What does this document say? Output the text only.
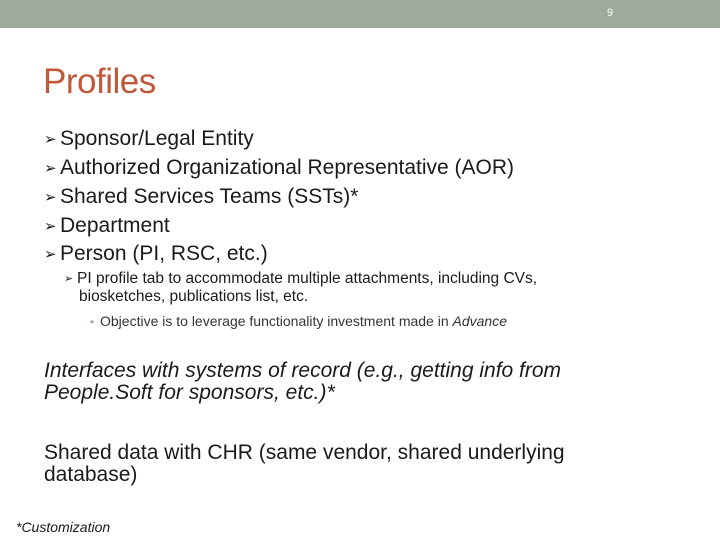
9
Profiles
➢ Sponsor/Legal Entity
➢ Authorized Organizational Representative (AOR)
➢ Shared Services Teams (SSTs)*
➢ Department
➢ Person (PI, RSC, etc.)
➢ PI profile tab to accommodate multiple attachments, including CVs,
biosketches, publications list, etc.
• Objective is to leverage functionality investment made in Advance
Interfaces with systems of record (e.g., getting info from
People.Soft for sponsors, etc.)*
Shared data with CHR (same vendor, shared underlying
database)
*Customization
